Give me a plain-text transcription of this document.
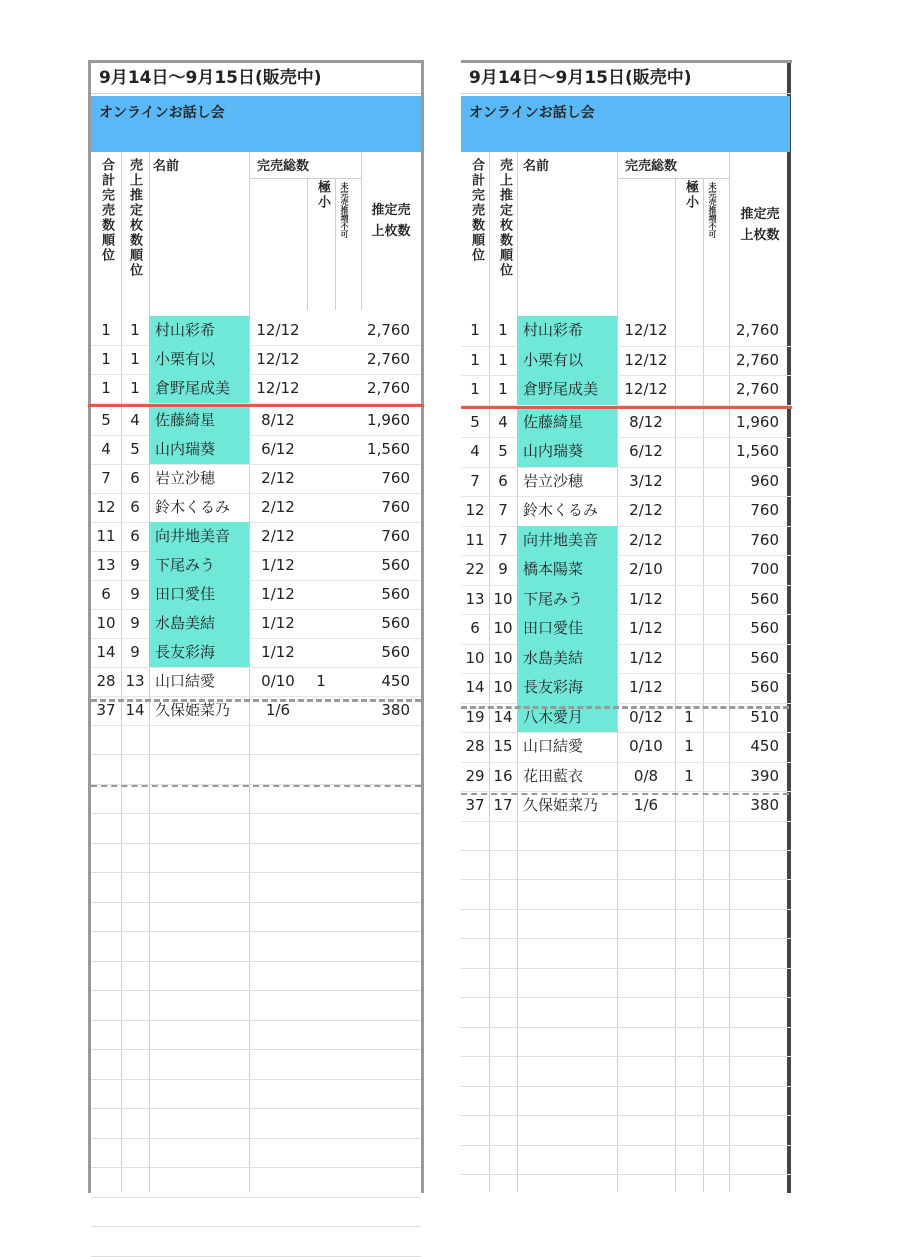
9月14日〜9月15日(販売中)
オンラインお話し会
合計完売数順位	売上推定枚数順位 名前	完売総数
極小	未完売推増不可	推定売上枚数
1	1	村山彩希	12/12	2,760
1	1	小栗有以	12/12	2,760
1	1	倉野尾成美	12/12	2,760
5	4	佐藤綺星	8/12	1,960
4	5	山内瑞葵	6/12	1,560
7	6	岩立沙穂	2/12	760
12 6	鈴木くるみ	2/12	760
11 6	向井地美音	2/12	760
13 9	下尾みう	1/12	560
6	9	田口愛佳	1/12	560
10 9	水島美結	1/12	560
14 9	長友彩海	1/12	560
28 13 山口結愛	0/10	1	450
37 14 久保姫菜乃	1/6	380
9月14日〜9月15日(販売中)
オンラインお話し会
合計完売数順位	売上推定枚数順位 名前	完売総数
極小	未完売推増不可	推定売上枚数
1	1	村山彩希	12/12	2,760
1	1	小栗有以	12/12	2,760
1	1	倉野尾成美	12/12	2,760
5	4	佐藤綺星	8/12	1,960
4	5	山内瑞葵	6/12	1,560
7	6	岩立沙穂	3/12	960
12 7	鈴木くるみ	2/12	760
11 7	向井地美音	2/12	760
22 9	橋本陽菜	2/10	700
13 10 下尾みう	1/12	560
6 10 田口愛佳	1/12	560
10 10 水島美結	1/12	560
14 10 長友彩海	1/12	560
19 14 八木愛月	0/12	1	510
28 15 山口結愛	0/10	1	450
29 16 花田藍衣	0/8	1	390
37 17 久保姫菜乃	1/6	380
